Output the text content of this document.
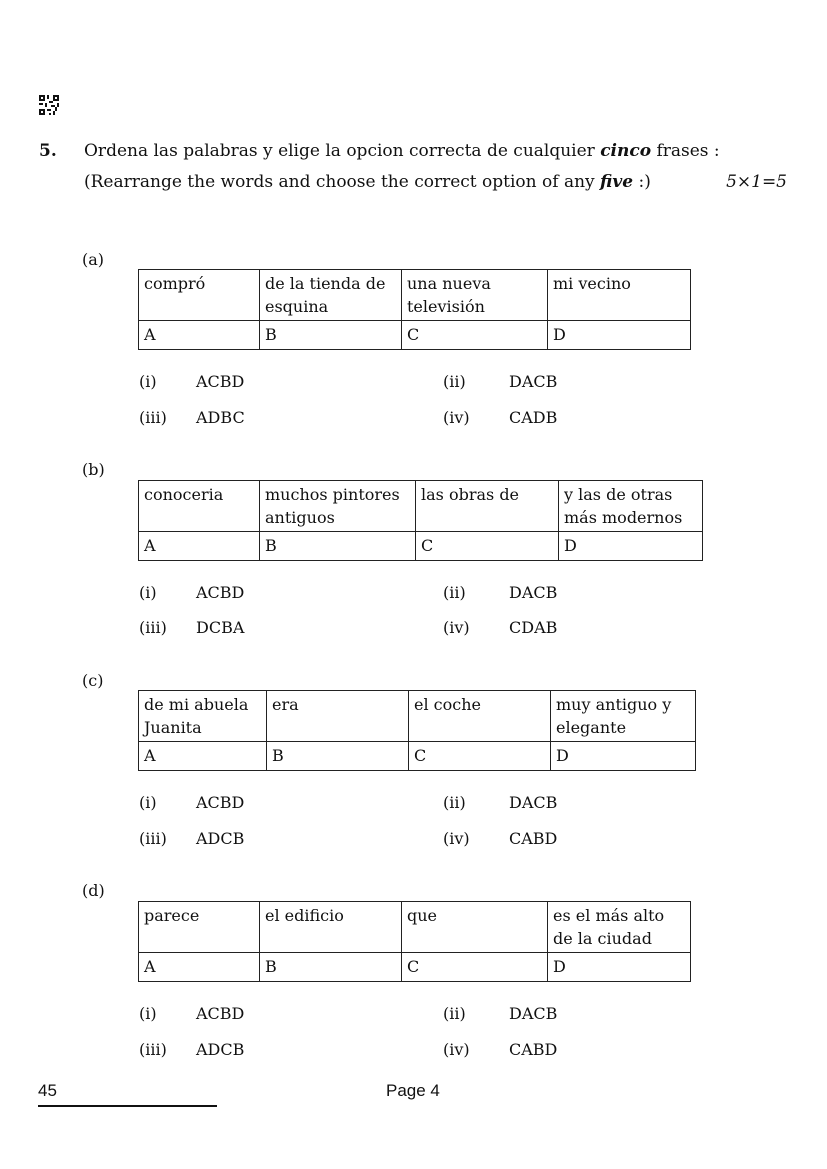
5. Ordena las palabras y elige la opcion correcta de cualquier cinco frases :
(Rearrange the words and choose the correct option of any five :)	5×1=5
(a)
compró	de la tienda de esquina	una nueva televisión	mi vecino
A	B	C	D
(i) ACBD	(ii)	DACB
(iii) ADBC	(iv) CADB
(b)
conoceria	muchos pintores antiguos	las obras de	y las de otras más modernos
A	B	C	D
(i) ACBD	(ii)	DACB
(iii) DCBA	(iv) CDAB
(c)
de mi abuela Juanita	era	el coche	muy antiguo y elegante
A	B	C	D
(i) ACBD	(ii)	DACB
(iii) ADCB	(iv) CABD
(d)
parece	el edificio	que	es el más alto de la ciudad
A	B	C	D
(i) ACBD	(ii)	DACB
(iii) ADCB	(iv) CABD
45	Page 4
